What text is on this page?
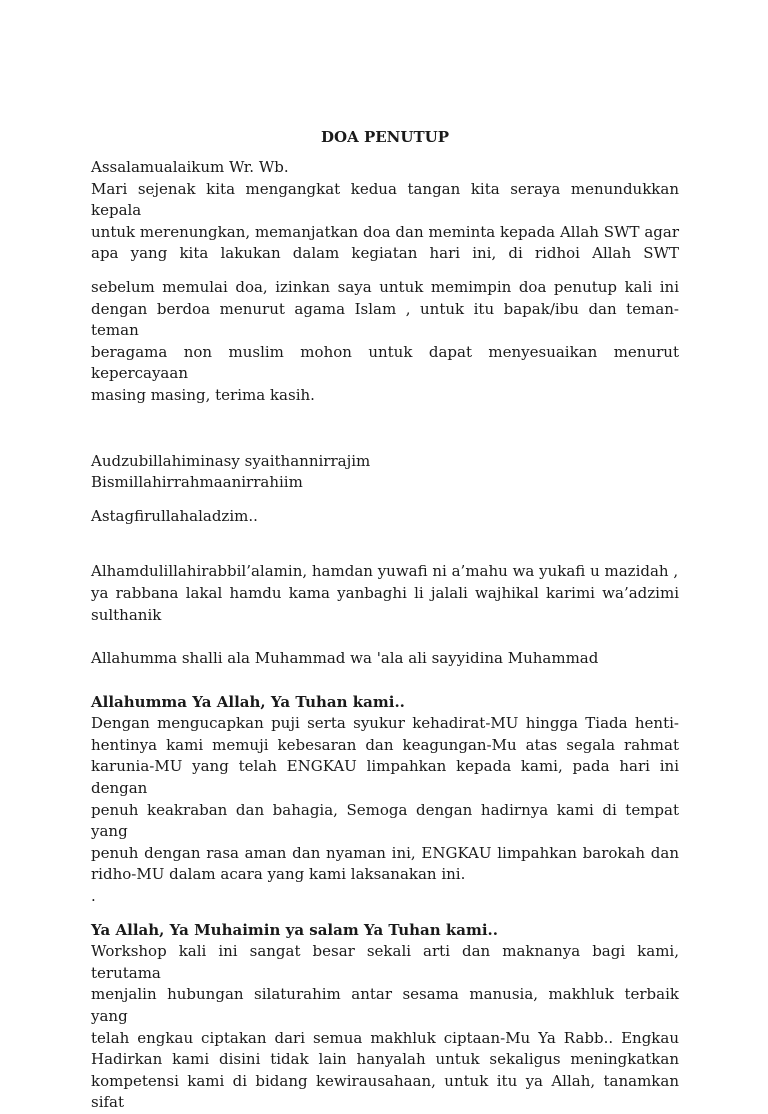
DOA PENUTUP
Assalamualaikum Wr. Wb.
Mari sejenak kita mengangkat kedua tangan kita seraya menundukkan kepala
untuk merenungkan, memanjatkan doa dan meminta kepada Allah SWT agar
apa yang kita lakukan dalam kegiatan hari ini, di ridhoi Allah SWT
sebelum memulai doa, izinkan saya untuk memimpin doa penutup kali ini
dengan berdoa menurut agama Islam , untuk itu bapak/ibu dan teman-teman
beragama non muslim mohon untuk dapat menyesuaikan menurut kepercayaan
masing masing, terima kasih.
Audzubillahiminasy syaithannirrajim
Bismillahirrahmaanirrahiim
Astagfirullahaladzim..
Alhamdulillahirabbil’alamin, hamdan yuwafi ni a’mahu wa yukafi u mazidah ,
ya rabbana lakal hamdu kama yanbaghi li jalali wajhikal karimi wa’adzimi
sulthanik
Allahumma shalli ala Muhammad wa 'ala ali sayyidina Muhammad
Allahumma Ya Allah, Ya Tuhan kami..
Dengan mengucapkan puji serta syukur kehadirat-MU hingga Tiada henti-
hentinya kami memuji kebesaran dan keagungan-Mu atas segala rahmat
karunia-MU yang telah ENGKAU limpahkan kepada kami, pada hari ini dengan
penuh keakraban dan bahagia, Semoga dengan hadirnya kami di tempat yang
penuh dengan rasa aman dan nyaman ini, ENGKAU limpahkan barokah dan
ridho-MU dalam acara yang kami laksanakan ini.
.
Ya Allah, Ya Muhaimin ya salam Ya Tuhan kami..
Workshop kali ini sangat besar sekali arti dan maknanya bagi kami, terutama
menjalin hubungan silaturahim antar sesama manusia, makhluk terbaik yang
telah engkau ciptakan dari semua makhluk ciptaan-Mu Ya Rabb.. Engkau
Hadirkan kami disini tidak lain hanyalah untuk sekaligus meningkatkan
kompetensi kami di bidang kewirausahaan, untuk itu ya Allah, tanamkan sifat
